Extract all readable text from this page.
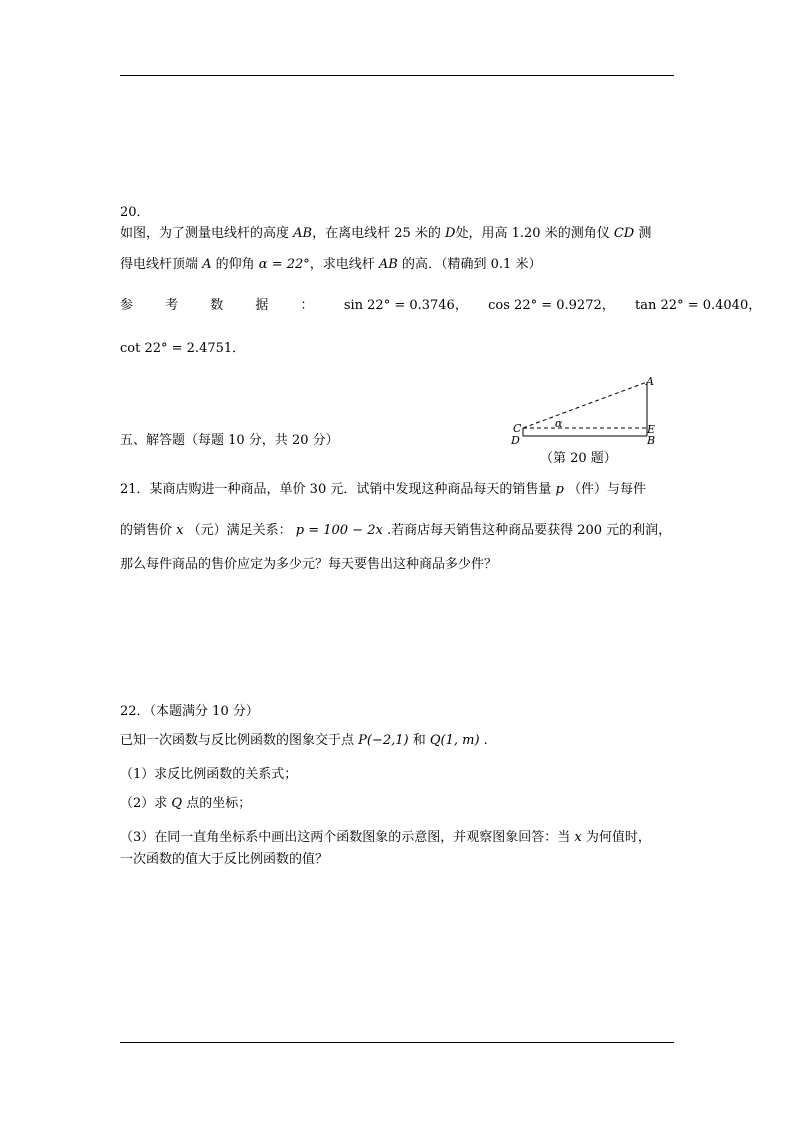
20．
如图，为了测量电线杆的高度 AB，在离电线杆 25 米的 D处，用高 1.20 米的测角仪 CD 测
得电线杆顶端 A 的仰角 α = 22°，求电线杆 AB 的高．（精确到 0.1 米）
参 考 数 据 ： sin 22° = 0.3746， cos 22° = 0.9272， tan 22° = 0.4040，
cot 22° = 2.4751．
A
C
D
E
B
α
（第 20 题）
五、解答题（每题 10 分，共 20 分）
21．某商店购进一种商品，单价 30 元．试销中发现这种商品每天的销售量 p （件）与每件
的销售价 x （元）满足关系： p = 100 − 2x .若商店每天销售这种商品要获得 200 元的利润，
那么每件商品的售价应定为多少元？每天要售出这种商品多少件？
22．（本题满分 10 分）
已知一次函数与反比例函数的图象交于点 P(−2,1) 和 Q(1, m) .
（1）求反比例函数的关系式；
（2）求 Q 点的坐标；
（3）在同一直角坐标系中画出这两个函数图象的示意图，并观察图象回答：当 x 为何值时，
一次函数的值大于反比例函数的值？
